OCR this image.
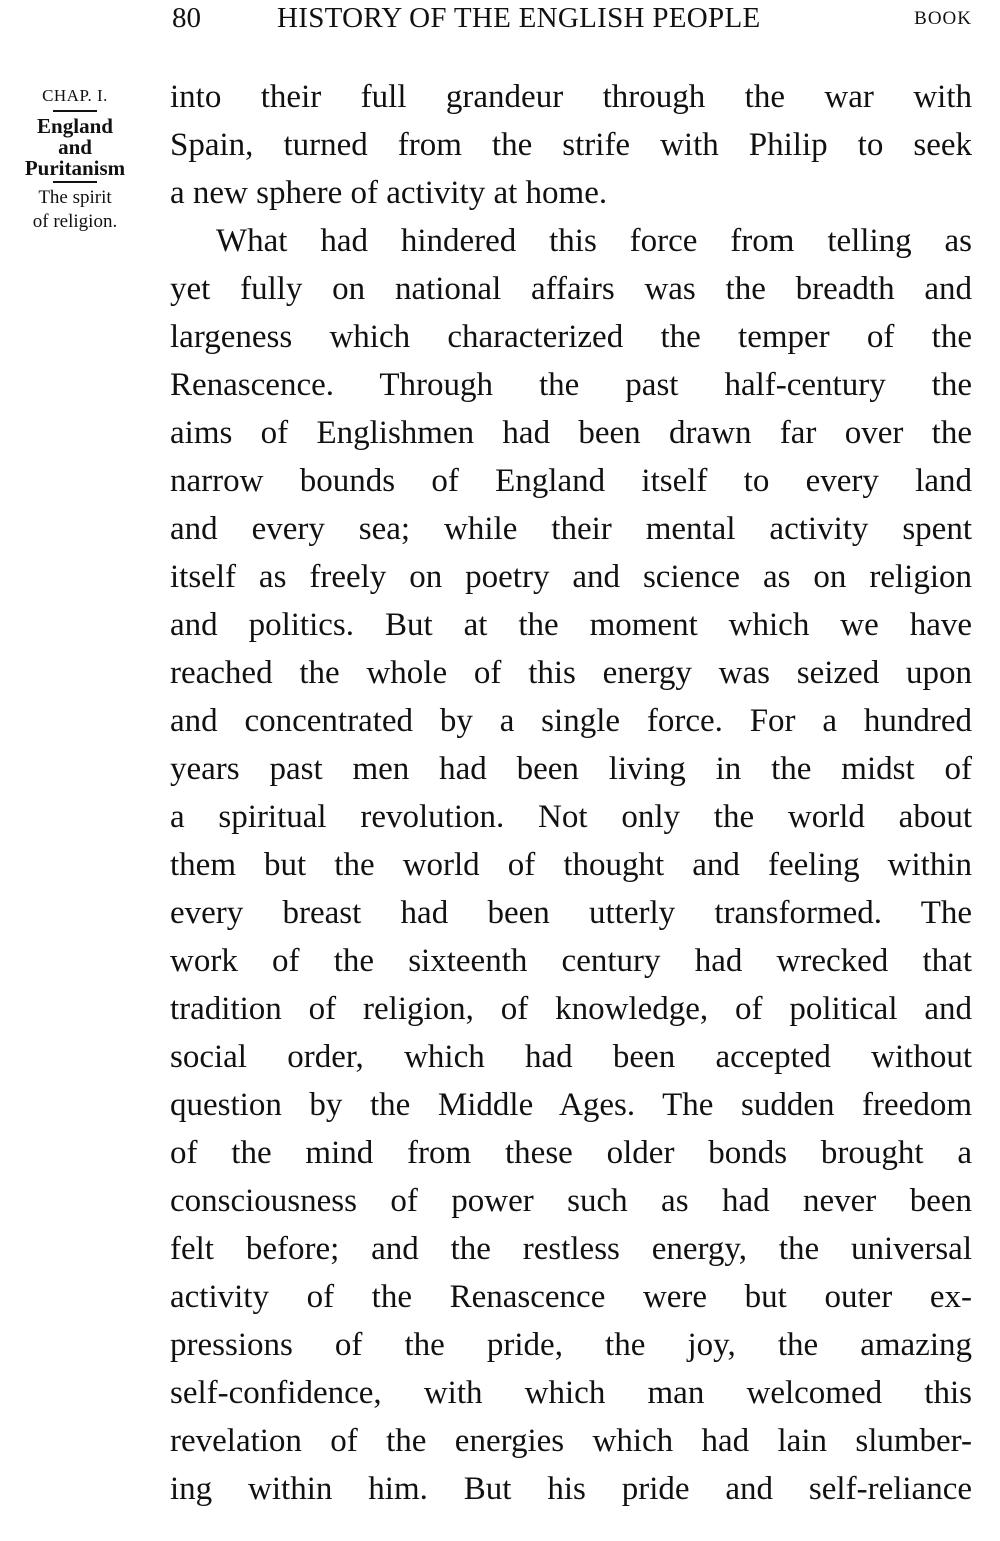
80	HISTORY OF THE ENGLISH PEOPLE	BOOK
CHAP. I.
England
and
Puritanism
The spirit
of religion.
into their full grandeur through the war with
Spain, turned from the strife with Philip to seek
a new sphere of activity at home.
What had hindered this force from telling as
yet fully on national affairs was the breadth and
largeness which characterized the temper of the
Renascence. Through the past half-century the
aims of Englishmen had been drawn far over the
narrow bounds of England itself to every land
and every sea; while their mental activity spent
itself as freely on poetry and science as on religion
and politics. But at the moment which we have
reached the whole of this energy was seized upon
and concentrated by a single force. For a hundred
years past men had been living in the midst of
a spiritual revolution. Not only the world about
them but the world of thought and feeling within
every breast had been utterly transformed. The
work of the sixteenth century had wrecked that
tradition of religion, of knowledge, of political and
social order, which had been accepted without
question by the Middle Ages. The sudden freedom
of the mind from these older bonds brought a
consciousness of power such as had never been
felt before; and the restless energy, the universal
activity of the Renascence were but outer ex-
pressions of the pride, the joy, the amazing
self-confidence, with which man welcomed this
revelation of the energies which had lain slumber-
ing within him. But his pride and self-reliance
